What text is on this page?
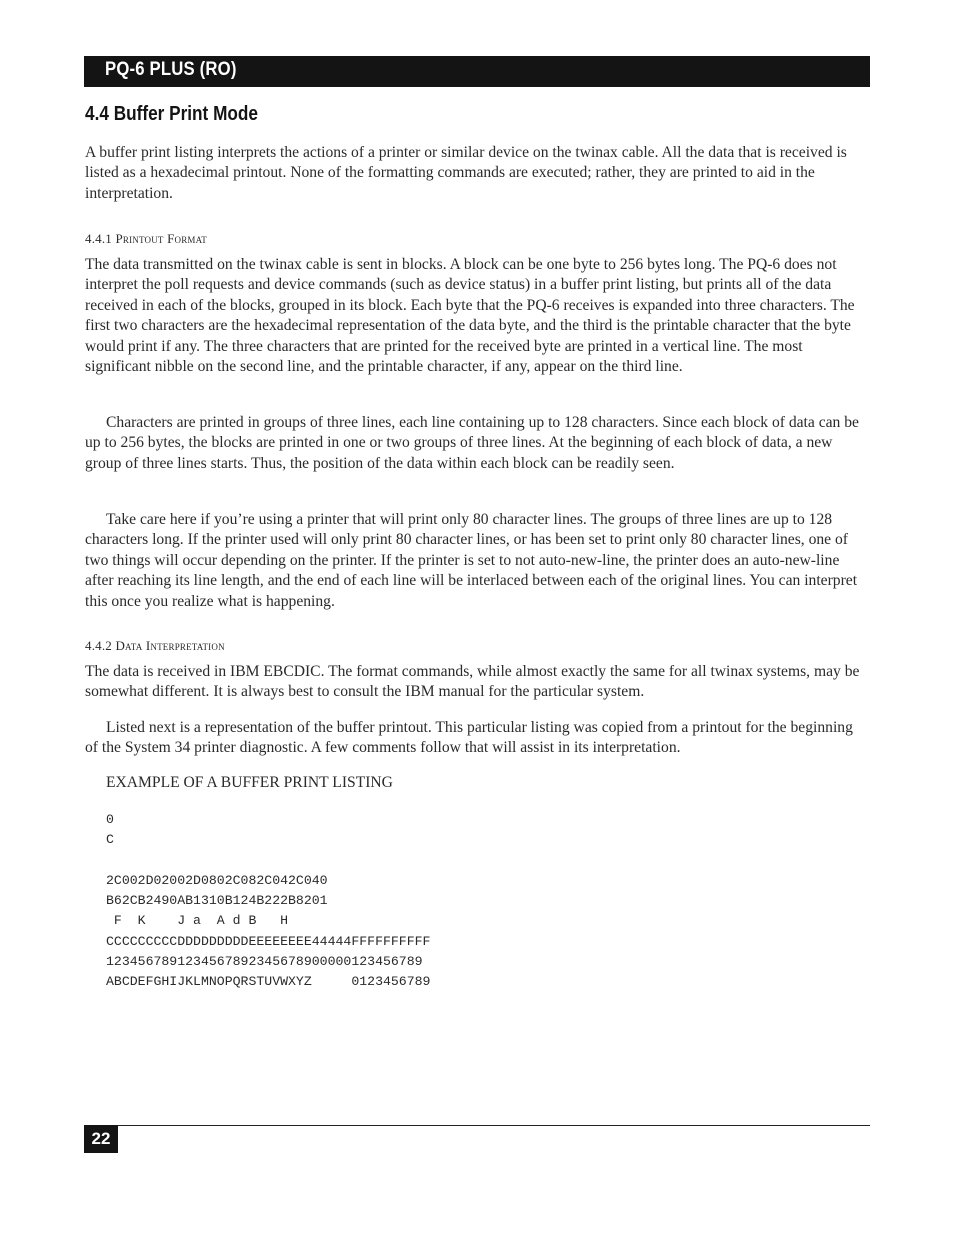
PQ-6 PLUS (RO)
4.4 Buffer Print Mode

A buffer print listing interprets the actions of a printer or similar device on the twinax cable. All the data that is received is listed as a hexadecimal printout. None of the formatting commands are executed; rather, they are printed to aid in the interpretation.

4.4.1 Printout Format

The data transmitted on the twinax cable is sent in blocks. A block can be one byte to 256 bytes long. The PQ-6 does not interpret the poll requests and device commands (such as device status) in a buffer print listing, but prints all of the data received in each of the blocks, grouped in its block. Each byte that the PQ-6 receives is expanded into three characters. The first two characters are the hexadecimal representation of the data byte, and the third is the printable character that the byte would print if any. The three characters that are printed for the received byte are printed in a vertical line. The most significant nibble on the second line, and the printable character, if any, appear on the third line.

Characters are printed in groups of three lines, each line containing up to 128 characters. Since each block of data can be up to 256 bytes, the blocks are printed in one or two groups of three lines. At the beginning of each block of data, a new group of three lines starts. Thus, the position of the data within each block can be readily seen.

Take care here if you’re using a printer that will print only 80 character lines. The groups of three lines are up to 128 characters long. If the printer used will only print 80 character lines, or has been set to print only 80 character lines, one of two things will occur depending on the printer. If the printer is set to not auto-new-line, the printer does an auto-new-line after reaching its line length, and the end of each line will be interlaced between each of the original lines. You can interpret this once you realize what is happening.

4.4.2 Data Interpretation

The data is received in IBM EBCDIC. The format commands, while almost exactly the same for all twinax systems, may be somewhat different. It is always best to consult the IBM manual for the particular system.

Listed next is a representation of the buffer printout. This particular listing was copied from a printout for the beginning of the System 34 printer diagnostic. A few comments follow that will assist in its interpretation.

EXAMPLE OF A BUFFER PRINT LISTING

0
C
2C002D02002D0802C082C042C040
B62CB2490AB1310B124B222B8201
F  K    J a  A d B   H
CCCCCCCCCDDDDDDDDDEEEEEEEE44444FFFFFFFFFF
1234567891234567892345678900000123456789
ABCDEFGHIJKLMNOPQRSTUVWXYZ     0123456789
22
